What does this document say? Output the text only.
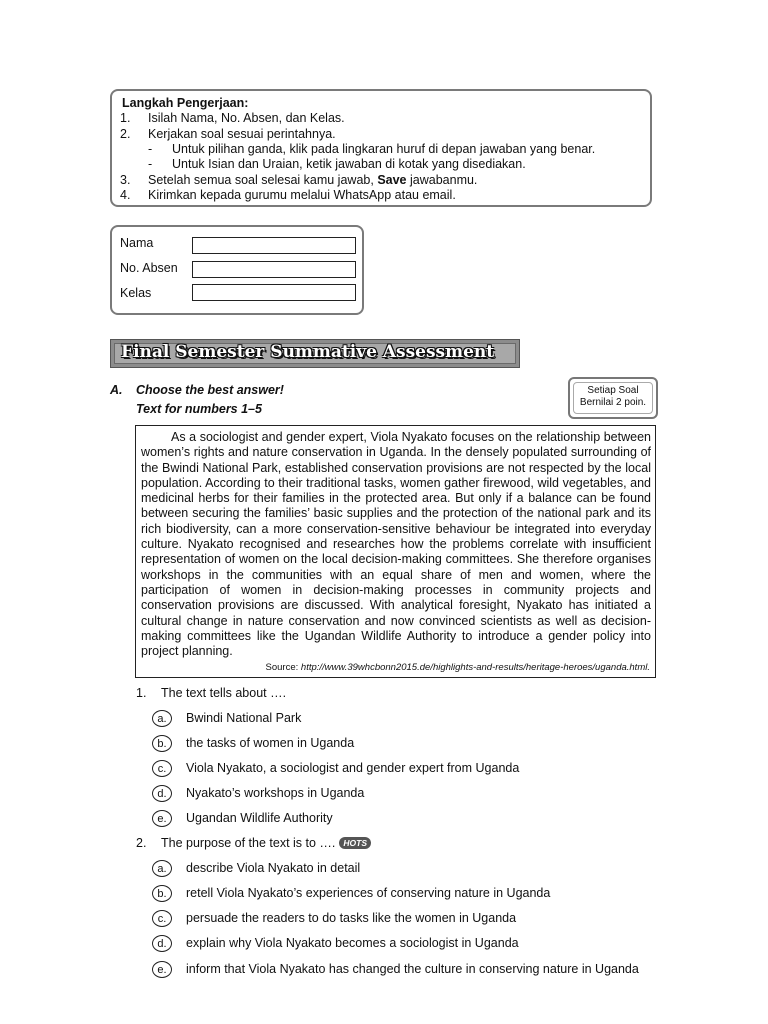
Langkah Pengerjaan:
1. Isilah Nama, No. Absen, dan Kelas.
2. Kerjakan soal sesuai perintahnya.
- Untuk pilihan ganda, klik pada lingkaran huruf di depan jawaban yang benar.
- Untuk Isian dan Uraian, ketik jawaban di kotak yang disediakan.
3. Setelah semua soal selesai kamu jawab, Save jawabanmu.
4. Kirimkan kepada gurumu melalui WhatsApp atau email.
Nama
No. Absen
Kelas
Final Semester Summative Assessment
A. Choose the best answer!
Text for numbers 1–5
Setiap Soal
Bernilai 2 poin.

As a sociologist and gender expert, Viola Nyakato focuses on the relationship between women’s rights and nature conservation in Uganda. In the densely populated surrounding of the Bwindi National Park, established conservation provisions are not respected by the local population. According to their traditional tasks, women gather firewood, wild vegetables, and medicinal herbs for their families in the protected area. But only if a balance can be found between securing the families’ basic supplies and the protection of the national park and its rich biodiversity, can a more conservation-sensitive behaviour be integrated into everyday culture. Nyakato recognised and researches how the problems correlate with insufficient representation of women on the local decision-making committees. She therefore organises workshops in the communities with an equal share of men and women, where the participation of women in decision-making processes in community projects and conservation provisions are discussed. With analytical foresight, Nyakato has initiated a cultural change in nature conservation and now convinced scientists as well as decision-making committees like the Ugandan Wildlife Authority to introduce a gender policy into project planning.

Source: http://www.39whcbonn2015.de/highlights-and-results/heritage-heroes/uganda.html.
1. The text tells about ….
a.	Bwindi National Park
b.	the tasks of women in Uganda
c.	Viola Nyakato, a sociologist and gender expert from Uganda
d.	Nyakato’s workshops in Uganda
e.	Ugandan Wildlife Authority
2. The purpose of the text is to …. HOTS
a.	describe Viola Nyakato in detail
b.	retell Viola Nyakato’s experiences of conserving nature in Uganda
c.	persuade the readers to do tasks like the women in Uganda
d.	explain why Viola Nyakato becomes a sociologist in Uganda
e.	inform that Viola Nyakato has changed the culture in conserving nature in Uganda
